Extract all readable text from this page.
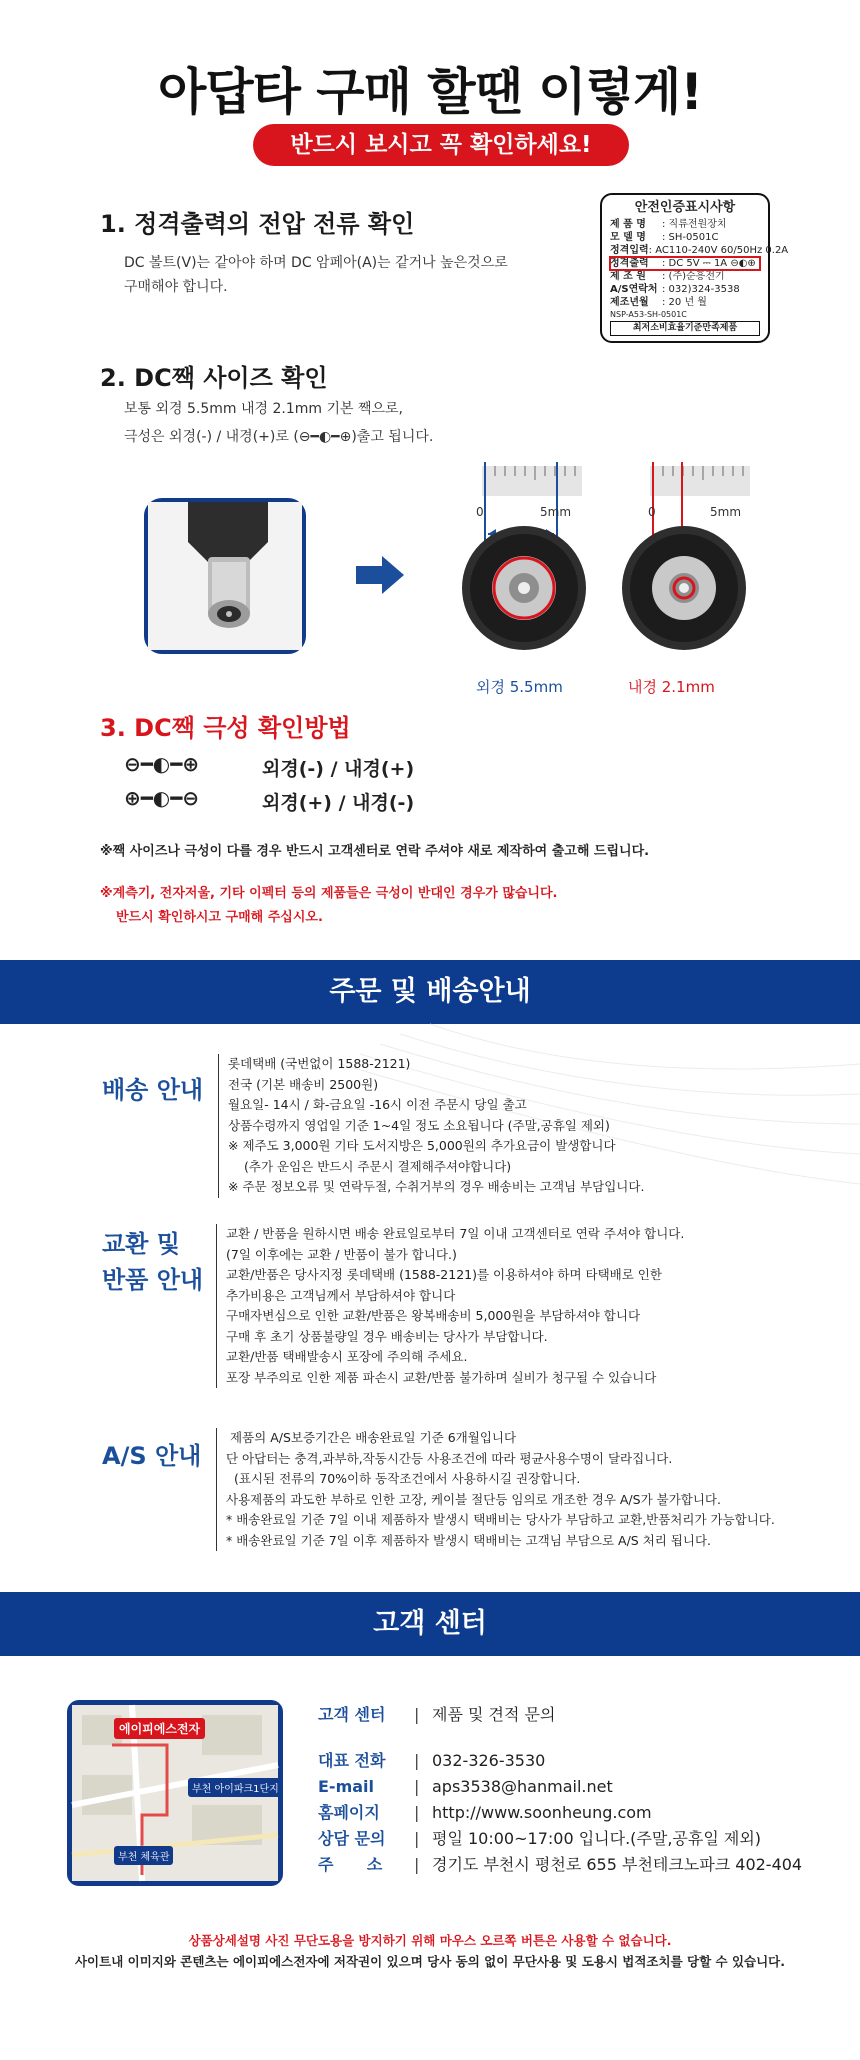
아답타 구매 할땐 이렇게!
반드시 보시고 꼭 확인하세요!
1. 정격출력의 전압 전류 확인
DC 볼트(V)는 같아야 하며 DC 암페아(A)는 같거나 높은것으로
구매해야 합니다.
안전인증표시사항
제 품 명	: 직류전원장치
모 델 명	: SH-0501C
정격입력 : AC110-240V 60/50Hz 0.2A
정격출력	: DC 5V ⎓ 1A ⊖◐⊕
제 조 원	: (주)순흥전기
A/S연락처 : 032)324-3538
제조년월	: 20 년 월
NSP-A53-SH-0501C
최저소비효율기준만족제품
2. DC짹 사이즈 확인
보통 외경 5.5mm 내경 2.1mm 기본 짹으로,
극성은 외경(-) / 내경(+)로 (⊖━◐━⊕)출고 됩니다.
0	5mm	0	5mm
외경 5.5mm	내경 2.1mm
3. DC짹 극성 확인방법
⊖━◐━⊕	외경(-) / 내경(+)
⊕━◐━⊖	외경(+) / 내경(-)
※짹 사이즈나 극성이 다를 경우 반드시 고객센터로 연락 주셔야 새로 제작하여 출고해 드립니다.
※계측기, 전자저울, 기타 이펙터 등의 제품들은 극성이 반대인 경우가 많습니다.
반드시 확인하시고 구매해 주십시오.
주문 및 배송안내
배송 안내
롯데택배 (국번없이 1588-2121)
전국 (기본 배송비 2500원)
월요일- 14시 / 화-금요일 -16시 이전 주문시 당일 출고
상품수령까지 영업일 기준 1~4일 정도 소요됩니다 (주말,공휴일 제외)
※ 제주도 3,000원 기타 도서지방은 5,000원의 추가요금이 발생합니다
(추가 운임은 반드시 주문시 결제해주셔야합니다)
※ 주문 정보오류 및 연락두절, 수취거부의 경우 배송비는 고객님 부담입니다.
교환 및
반품 안내
교환 / 반품을 원하시면 배송 완료일로부터 7일 이내 고객센터로 연락 주셔야 합니다.
(7일 이후에는 교환 / 반품이 불가 합니다.)
교환/반품은 당사지정 롯데택배 (1588-2121)를 이용하셔야 하며 타택배로 인한
추가비용은 고객님께서 부담하셔야 합니다
구매자변심으로 인한 교환/반품은 왕복배송비 5,000원을 부담하셔야 합니다
구매 후 초기 상품불량일 경우 배송비는 당사가 부담합니다.
교환/반품 택배발송시 포장에 주의해 주세요.
포장 부주의로 인한 제품 파손시 교환/반품 불가하며 실비가 청구될 수 있습니다
A/S 안내
제품의 A/S보증기간은 배송완료일 기준 6개월입니다
단 아답터는 충격,과부하,작동시간등 사용조건에 따라 평균사용수명이 달라집니다.
(표시된 전류의 70%이하 동작조건에서 사용하시길 권장합니다.
사용제품의 과도한 부하로 인한 고장, 케이블 절단등 임의로 개조한 경우 A/S가 불가합니다.
* 배송완료일 기준 7일 이내 제품하자 발생시 택배비는 당사가 부담하고 교환,반품처리가 가능합니다.
* 배송완료일 기준 7일 이후 제품하자 발생시 택배비는 고객님 부담으로 A/S 처리 됩니다.
고객 센터
에이피에스전자
부천 아이파크1단지
부천 체육관
고객 센터	| 제품 및 견적 문의
대표 전화	| 032-326-3530
E-mail	| aps3538@hanmail.net
홈페이지	| http://www.soonheung.com
상담 문의	| 평일 10:00~17:00 입니다.(주말,공휴일 제외)
주      소	| 경기도 부천시 평천로 655 부천테크노파크 402-404
상품상세설명 사진 무단도용을 방지하기 위해 마우스 오르쪽 버튼은 사용할 수 없습니다.
사이트내 이미지와 콘텐츠는 에이피에스전자에 저작권이 있으며 당사 동의 없이 무단사용 및 도용시 법적조치를 당할 수 있습니다.
